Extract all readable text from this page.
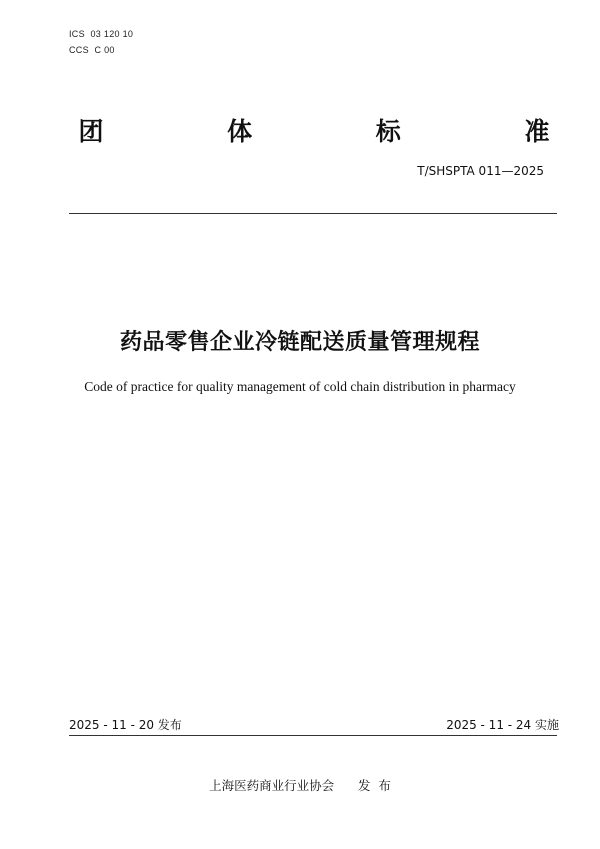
ICS  03 120 10
CCS  C 00
团	体	标	准
T/SHSPTA 011—2025
药品零售企业冷链配送质量管理规程
Code of practice for quality management of cold chain distribution in pharmacy
2025 - 11 - 20 发布	2025 - 11 - 24 实施
上海医药商业行业协会 发  布
